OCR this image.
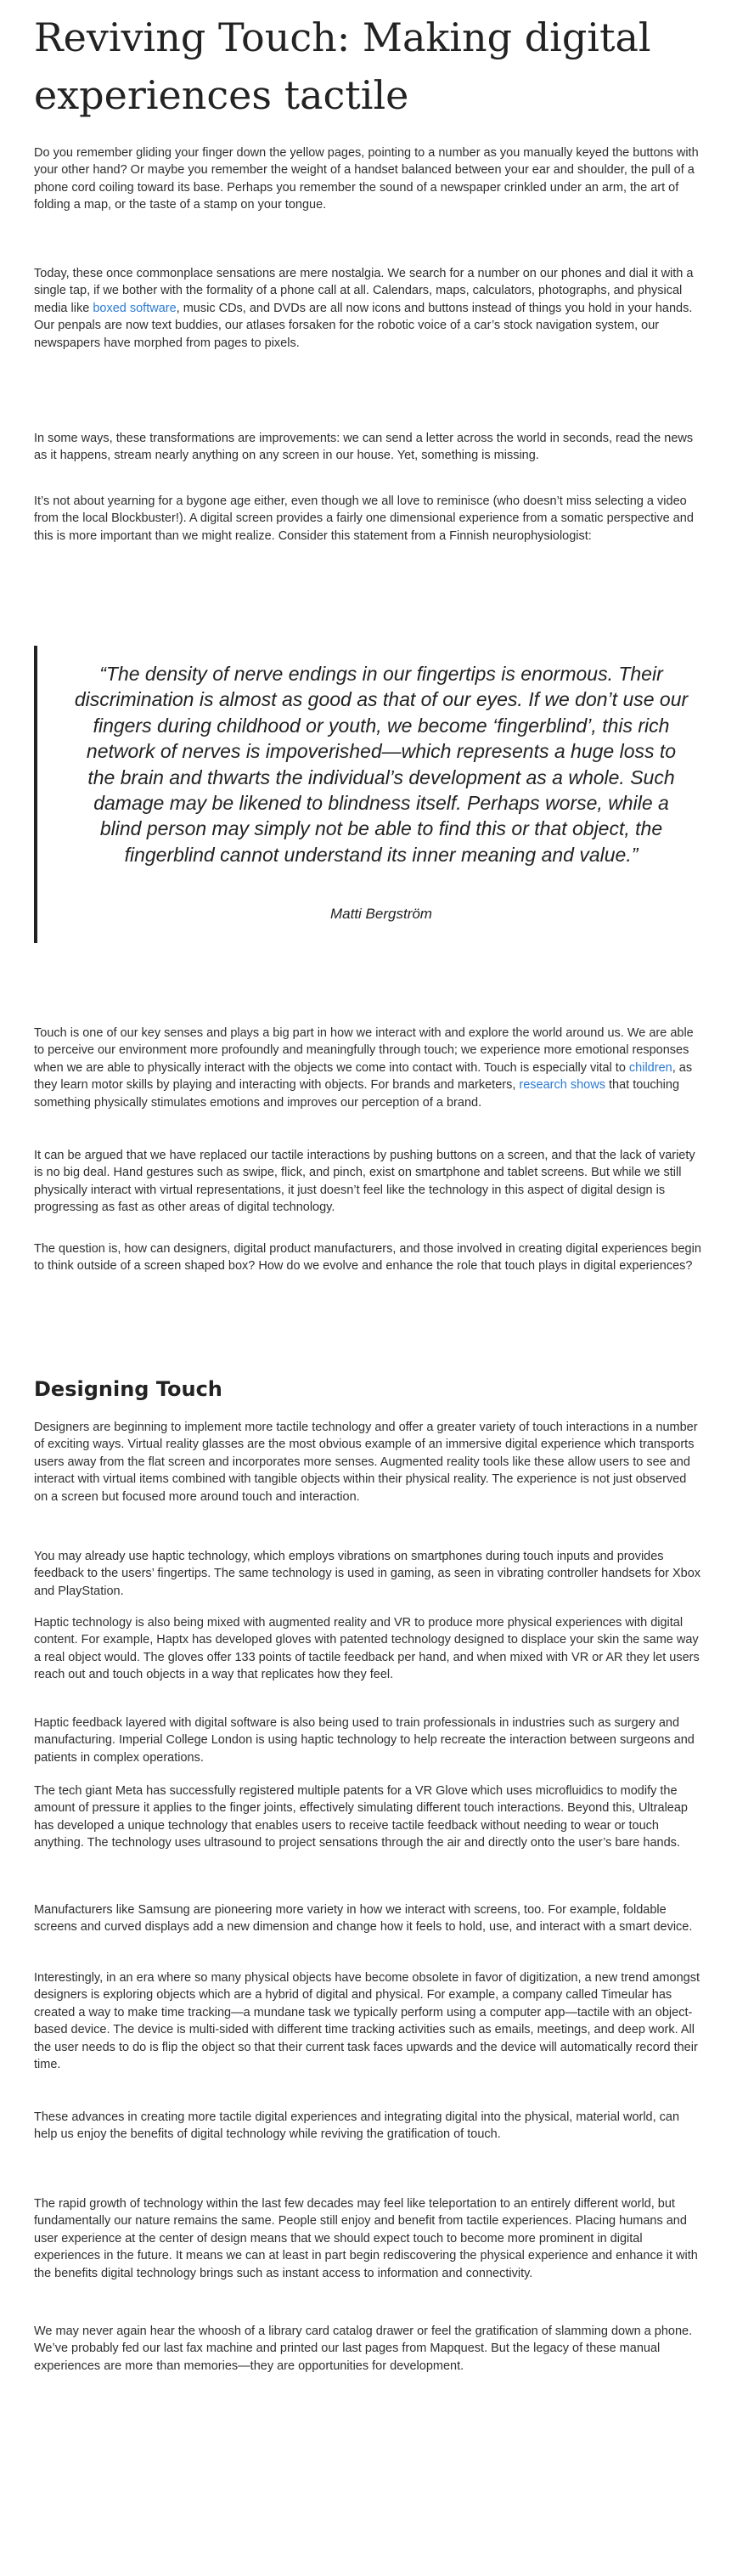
Reviving Touch: Making digital experiences tactile

Do you remember gliding your finger down the yellow pages, pointing to a number as you manually keyed the buttons with your other hand? Or maybe you remember the weight of a handset balanced between your ear and shoulder, the pull of a phone cord coiling toward its base. Perhaps you remember the sound of a newspaper crinkled under an arm, the art of folding a map, or the taste of a stamp on your tongue.

Today, these once commonplace sensations are mere nostalgia. We search for a number on our phones and dial it with a single tap, if we bother with the formality of a phone call at all. Calendars, maps, calculators, photographs, and physical media like boxed software, music CDs, and DVDs are all now icons and buttons instead of things you hold in your hands. Our penpals are now text buddies, our atlases forsaken for the robotic voice of a car’s stock navigation system, our newspapers have morphed from pages to pixels.

In some ways, these transformations are improvements: we can send a letter across the world in seconds, read the news as it happens, stream nearly anything on any screen in our house. Yet, something is missing.

It’s not about yearning for a bygone age either, even though we all love to reminisce (who doesn’t miss selecting a video from the local Blockbuster!). A digital screen provides a fairly one dimensional experience from a somatic perspective and this is more important than we might realize. Consider this statement from a Finnish neurophysiologist:

“The density of nerve endings in our fingertips is enormous. Their discrimination is almost as good as that of our eyes. If we don’t use our fingers during childhood or youth, we become ‘fingerblind’, this rich network of nerves is impoverished—which represents a huge loss to the brain and thwarts the individual’s development as a whole. Such damage may be likened to blindness itself. Perhaps worse, while a blind person may simply not be able to find this or that object, the fingerblind cannot understand its inner meaning and value.”

Matti Bergström

Touch is one of our key senses and plays a big part in how we interact with and explore the world around us. We are able to perceive our environment more profoundly and meaningfully through touch; we experience more emotional responses when we are able to physically interact with the objects we come into contact with. Touch is especially vital to children, as they learn motor skills by playing and interacting with objects. For brands and marketers, research shows that touching something physically stimulates emotions and improves our perception of a brand.

It can be argued that we have replaced our tactile interactions by pushing buttons on a screen, and that the lack of variety is no big deal. Hand gestures such as swipe, flick, and pinch, exist on smartphone and tablet screens. But while we still physically interact with virtual representations, it just doesn’t feel like the technology in this aspect of digital design is progressing as fast as other areas of digital technology.

The question is, how can designers, digital product manufacturers, and those involved in creating digital experiences begin to think outside of a screen shaped box? How do we evolve and enhance the role that touch plays in digital experiences?

Designing Touch

Designers are beginning to implement more tactile technology and offer a greater variety of touch interactions in a number of exciting ways. Virtual reality glasses are the most obvious example of an immersive digital experience which transports users away from the flat screen and incorporates more senses. Augmented reality tools like these allow users to see and interact with virtual items combined with tangible objects within their physical reality. The experience is not just observed on a screen but focused more around touch and interaction.

You may already use haptic technology, which employs vibrations on smartphones during touch inputs and provides feedback to the users’ fingertips. The same technology is used in gaming, as seen in vibrating controller handsets for Xbox and PlayStation.

Haptic technology is also being mixed with augmented reality and VR to produce more physical experiences with digital content. For example, Haptx has developed gloves with patented technology designed to displace your skin the same way a real object would. The gloves offer 133 points of tactile feedback per hand, and when mixed with VR or AR they let users reach out and touch objects in a way that replicates how they feel.

Haptic feedback layered with digital software is also being used to train professionals in industries such as surgery and manufacturing. Imperial College London is using haptic technology to help recreate the interaction between surgeons and patients in complex operations.

The tech giant Meta has successfully registered multiple patents for a VR Glove which uses microfluidics to modify the amount of pressure it applies to the finger joints, effectively simulating different touch interactions. Beyond this, Ultraleap has developed a unique technology that enables users to receive tactile feedback without needing to wear or touch anything. The technology uses ultrasound to project sensations through the air and directly onto the user’s bare hands.

Manufacturers like Samsung are pioneering more variety in how we interact with screens, too. For example, foldable screens and curved displays add a new dimension and change how it feels to hold, use, and interact with a smart device.

Interestingly, in an era where so many physical objects have become obsolete in favor of digitization, a new trend amongst designers is exploring objects which are a hybrid of digital and physical. For example, a company called Timeular has created a way to make time tracking—a mundane task we typically perform using a computer app—tactile with an object-based device. The device is multi-sided with different time tracking activities such as emails, meetings, and deep work. All the user needs to do is flip the object so that their current task faces upwards and the device will automatically record their time.

These advances in creating more tactile digital experiences and integrating digital into the physical, material world, can help us enjoy the benefits of digital technology while reviving the gratification of touch.

The rapid growth of technology within the last few decades may feel like teleportation to an entirely different world, but fundamentally our nature remains the same. People still enjoy and benefit from tactile experiences. Placing humans and user experience at the center of design means that we should expect touch to become more prominent in digital experiences in the future. It means we can at least in part begin rediscovering the physical experience and enhance it with the benefits digital technology brings such as instant access to information and connectivity.

We may never again hear the whoosh of a library card catalog drawer or feel the gratification of slamming down a phone. We’ve probably fed our last fax machine and printed our last pages from Mapquest. But the legacy of these manual experiences are more than memories—they are opportunities for development.
